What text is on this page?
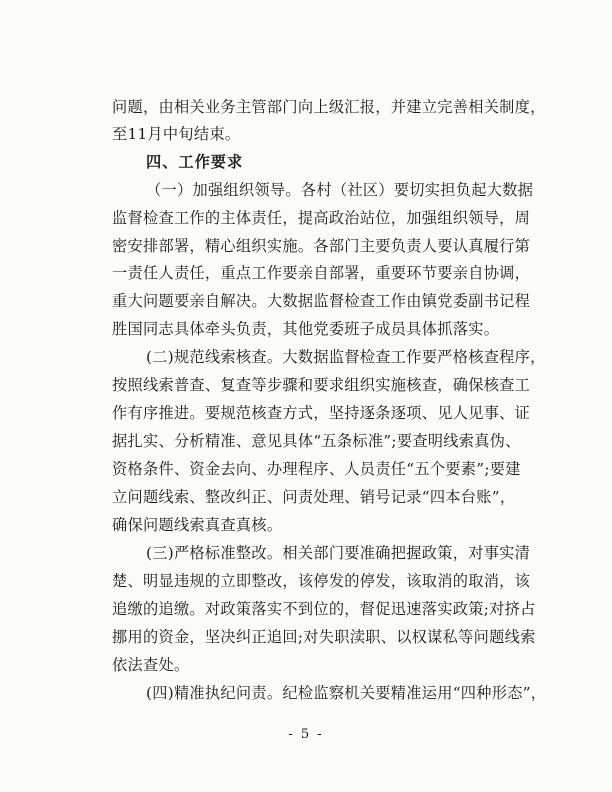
问题，由相关业务主管部门向上级汇报，并建立完善相关制度，
至11月中旬结束。
四、工作要求
（一）加强组织领导。各村（社区）要切实担负起大数据
监督检查工作的主体责任，提高政治站位，加强组织领导，周
密安排部署，精心组织实施。各部门主要负责人要认真履行第
一责任人责任，重点工作要亲自部署，重要环节要亲自协调，
重大问题要亲自解决。大数据监督检查工作由镇党委副书记程
胜国同志具体牵头负责，其他党委班子成员具体抓落实。
(二)规范线索核查。大数据监督检查工作要严格核查程序，
按照线索普查、复查等步骤和要求组织实施核查，确保核查工
作有序推进。要规范核查方式，坚持逐条逐项、见人见事、证
据扎实、分析精准、意见具体“五条标准”;要查明线索真伪、
资格条件、资金去向、办理程序、人员责任“五个要素”;要建
立问题线索、整改纠正、问责处理、销号记录“四本台账”，
确保问题线索真查真核。
(三)严格标准整改。相关部门要准确把握政策，对事实清
楚、明显违规的立即整改，该停发的停发，该取消的取消，该
追缴的追缴。对政策落实不到位的，督促迅速落实政策;对挤占
挪用的资金，坚决纠正追回;对失职渎职、以权谋私等问题线索
依法查处。
(四)精准执纪问责。纪检监察机关要精准运用“四种形态”，
- 5 -
